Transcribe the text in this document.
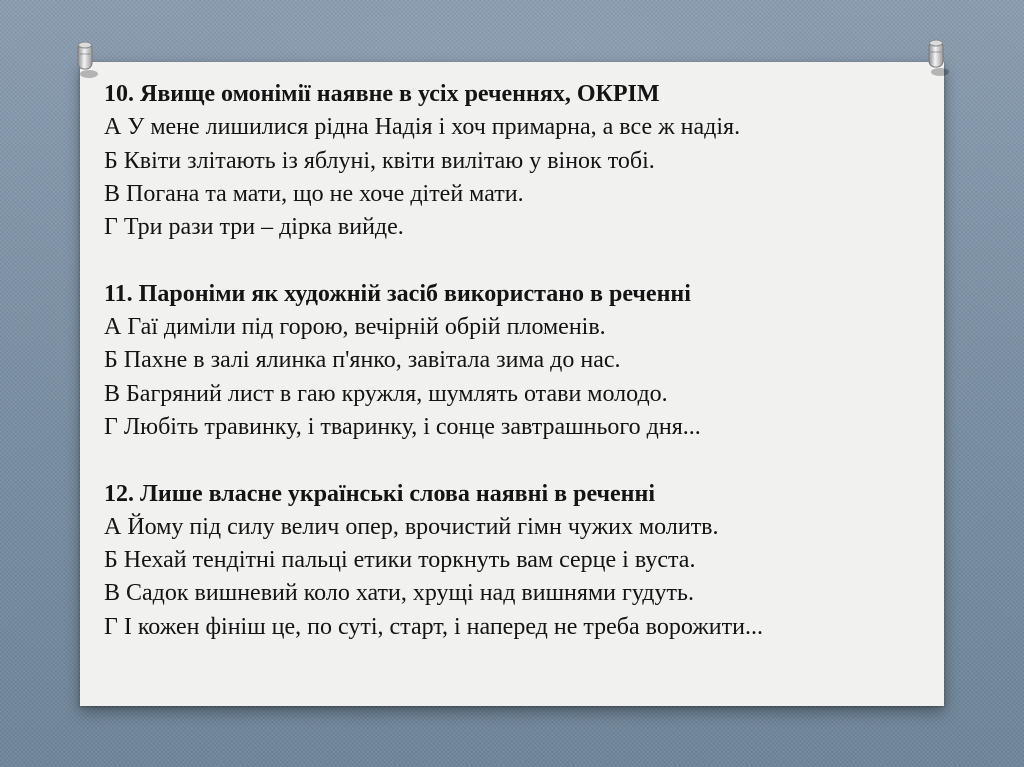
10. Явище омонімії наявне в усіх реченнях, ОКРІМ
А У мене лишилися рідна Надія і хоч примарна, а все ж надія.
Б Квіти злітають із яблуні, квіти вилітаю у вінок тобі.
В Погана та мати, що не хоче дітей мати.
Г Три рази три – дірка вийде.
11. Пароніми як художній засіб використано в реченні
А Гаї диміли під горою, вечірній обрій пломенів.
Б Пахне в залі ялинка п'янко, завітала зима до нас.
В Багряний лист в гаю кружля, шумлять отави молодо.
Г Любіть травинку, і тваринку, і сонце завтрашнього дня...
12. Лише власне українські слова наявні в реченні
А Йому під силу велич опер, врочистий гімн чужих молитв.
Б Нехай тендітні пальці етики торкнуть вам серце і вуста.
В Садок вишневий коло хати, хрущі над вишнями гудуть.
Г І кожен фініш це, по суті, старт, і наперед не треба ворожити...
